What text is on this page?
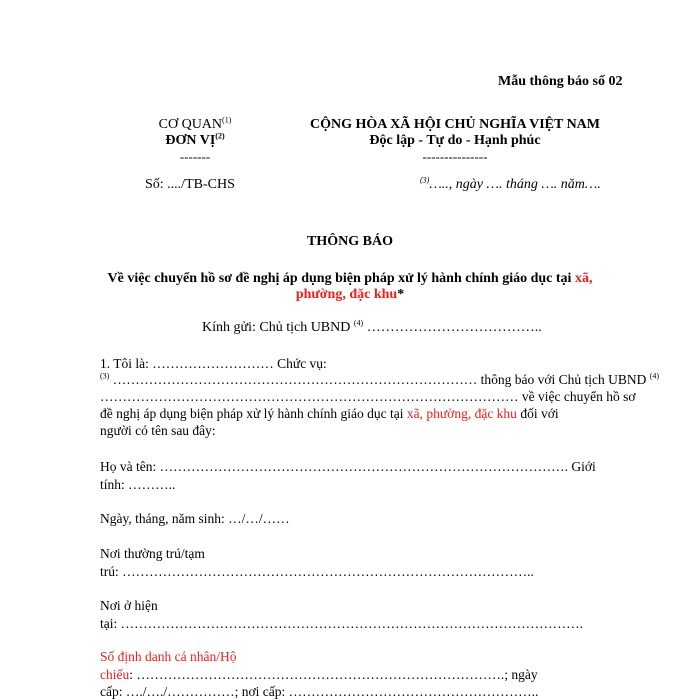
Mẫu thông báo số 02
CƠ QUAN$^{(1)}$
ĐƠN VỊ$^{(2)}$
-------
Số: ..../TB-CHS
CỘNG HÒA XÃ HỘI CHỦ NGHĨA VIỆT NAM
Độc lập - Tự do - Hạnh phúc
---------------
$^{(3)}$….., ngày …. tháng …. năm….
THÔNG BÁO
Về việc chuyển hồ sơ đề nghị áp dụng biện pháp xử lý hành chính giáo dục tại xã,
phường, đặc khu*
Kính gửi: Chủ tịch UBND $^{(4)}$ ………………………………..
1. Tôi là: ……………………… Chức vụ:
$^{(3)}$ ……………………………………………………………………… thông báo với Chủ tịch UBND $^{(4)}$
………………………………………………………………………………… về việc chuyển hồ sơ
đề nghị áp dụng biện pháp xử lý hành chính giáo dục tại xã, phường, đặc khu đối với
người có tên sau đây:
Họ và tên: ………………………………………………………………………………. Giới
tính: ………..
Ngày, tháng, năm sinh: …/…/……
Nơi thường trú/tạm
trú: ………………………………………………………………………………..
Nơi ở hiện
tại: ………………………………………………………………………………………….
Số định danh cá nhân/Hộ
chiếu: ……………………………………………………………………….; ngày
cấp: …./…./……………; nơi cấp: ………………………………………………..
